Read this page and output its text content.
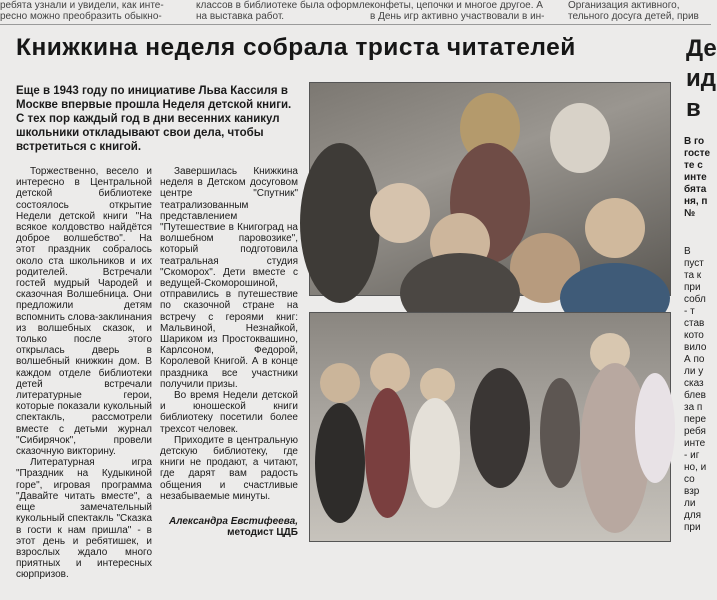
ребята узнали и увидели, как инте-
ресно можно преобразить обыкно-
классов в библиотеке была оформле-
на выставка работ.
конфеты, цепочки и многое другое. А
в День игр активно участвовали в ин-
Организация активного,
тельного досуга детей, прив
Книжкина неделя собрала триста читателей	Де
ид
в

Еще в 1943 году по инициативе Льва Кассиля в Москве впервые прошла Неделя детской книги. С тех пор каждый год в дни весенних каникул школьники откладывают свои дела, чтобы встретиться с книгой.

Торжественно, весело и интересно в Центральной детской библиотеке состоялось открытие Недели детской книги "На всякое колдовство найдётся доброе волшебство". На этот праздник собралось около ста школьников и их родителей. Встречали гостей мудрый Чародей и сказочная Волшебница. Они предложили детям вспомнить слова-заклинания из волшебных сказок, и только после этого открылась дверь в волшебный книжкин дом. В каждом отделе библиотеки детей встречали литературные герои, которые показали кукольный спектакль, рассмотрели вместе с детьми журнал "Сибирячок", провели сказочную викторину.

Литературная игра "Праздник на Кудыкиной горе", игровая программа "Давайте читать вместе", а еще замечательный кукольный спектакль "Сказка в гости к нам пришла" - в этот день и ребятишек, и взрослых ждало много приятных и интересных сюрпризов.

Завершилась Книжкина неделя в Детском досуговом центре "Спутник" театрализованным представлением "Путешествие в Книгоград на волшебном паровозике", который подготовила театральная студия "Скоморох". Дети вместе с ведущей-Скоморошиной, отправились в путешествие по сказочной стране на встречу с героями книг: Мальвиной, Незнайкой, Шариком из Простоквашино, Карлсоном, Федорой, Королевой Книгой. А в конце праздника все участники получили призы.

Во время Недели детской и юношеской книги библиотеку посетили более трехсот человек.

Приходите в центральную детскую библиотеку, где книги не продают, а читают, где дарят вам радость общения и счастливые незабываемые минуты.

Александра Евстифеева,
методист ЦДБ
В го
гостe
те с
инте
бята
ня, п
№
В
пуст
та к
при
собл
- т
став
кото
вило
А по
ли у
сказ
блев
за п
пере
ребя
инте
- иг
но, и
со
взр
ли
для
при
